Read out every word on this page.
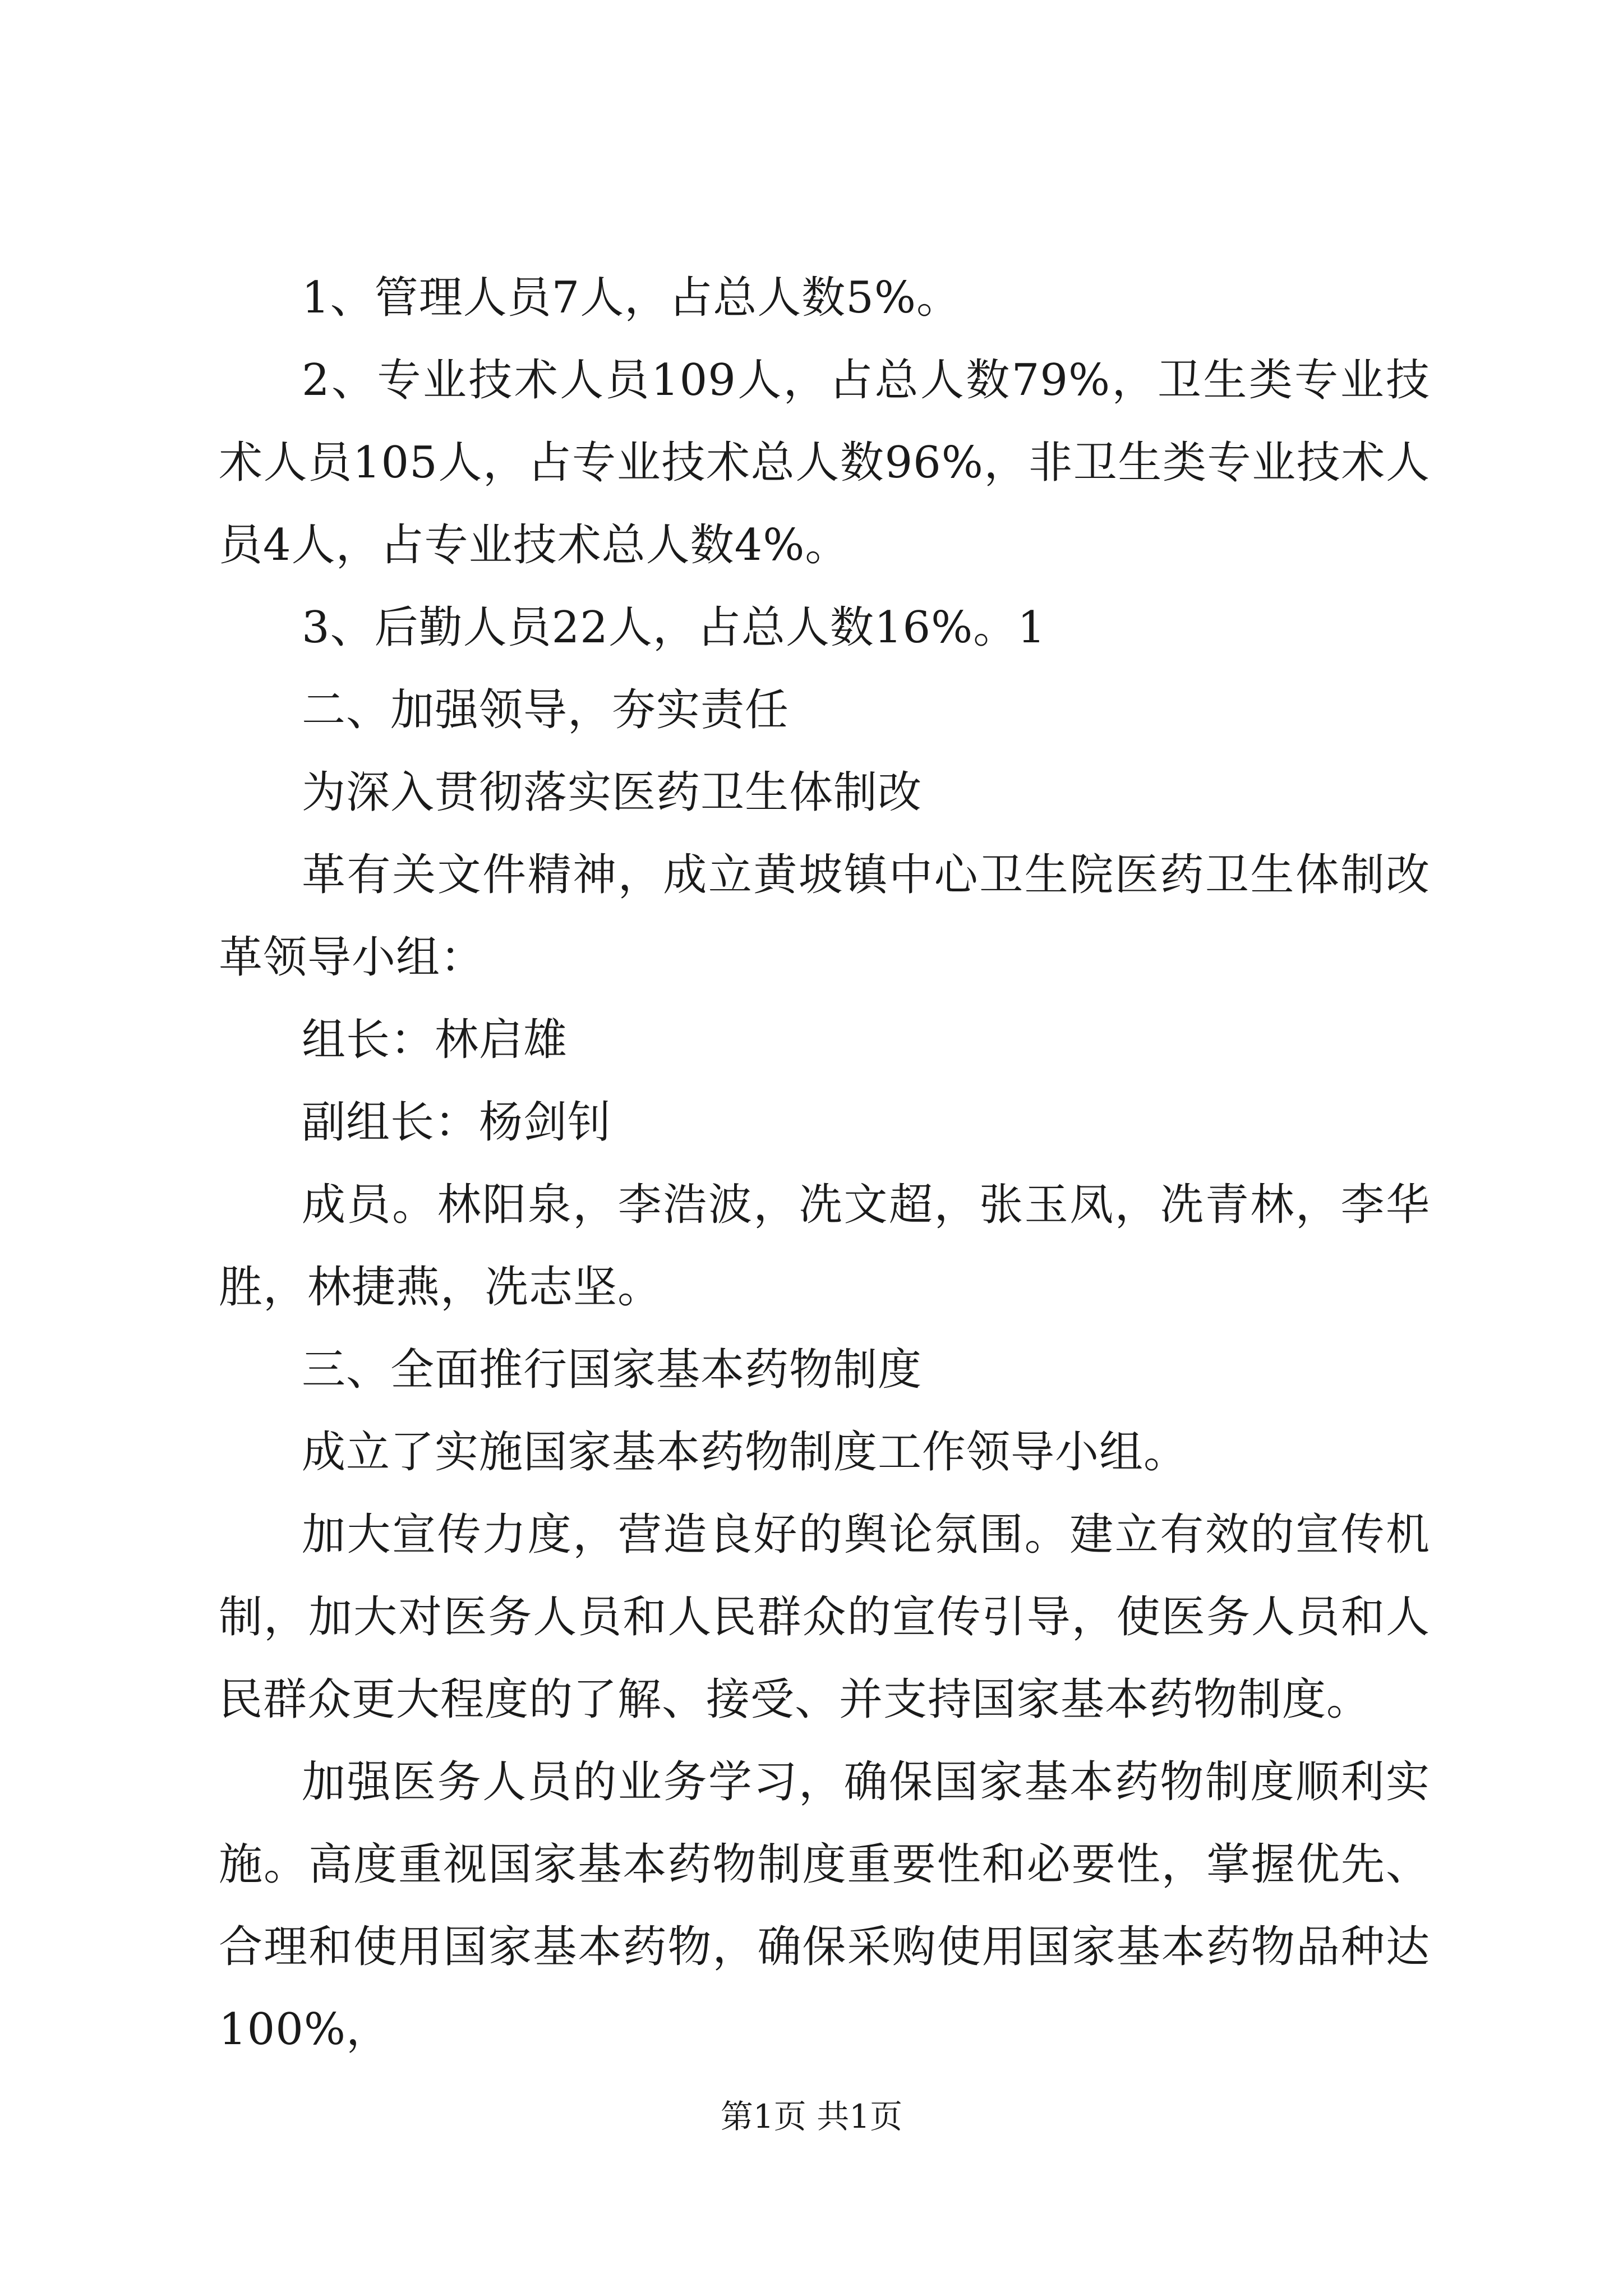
1、管理人员7人，占总人数5%。

2、专业技术人员109人，占总人数79%，卫生类专业技术人员105人，占专业技术总人数96%，非卫生类专业技术人员4人，占专业技术总人数4%。

3、后勤人员22人，占总人数16%。1

二、加强领导，夯实责任

为深入贯彻落实医药卫生体制改

革有关文件精神，成立黄坡镇中心卫生院医药卫生体制改革领导小组：

组长：林启雄

副组长：杨剑钊

成员。林阳泉，李浩波，冼文超，张玉凤，冼青林，李华胜，林捷燕，冼志坚。

三、全面推行国家基本药物制度

成立了实施国家基本药物制度工作领导小组。

加大宣传力度，营造良好的舆论氛围。建立有效的宣传机制，加大对医务人员和人民群众的宣传引导，使医务人员和人民群众更大程度的了解、接受、并支持国家基本药物制度。

加强医务人员的业务学习，确保国家基本药物制度顺利实施。高度重视国家基本药物制度重要性和必要性，掌握优先、合理和使用国家基本药物，确保采购使用国家基本药物品种达100%，

第1页 共1页
